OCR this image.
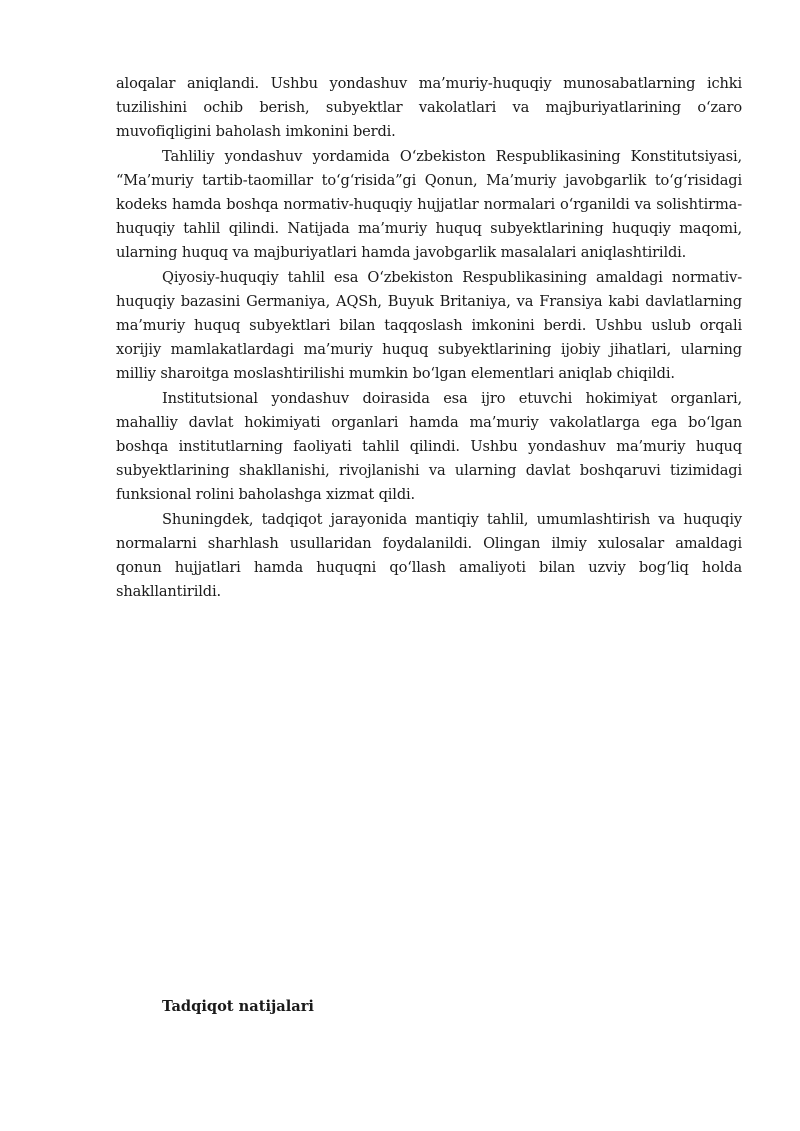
aloqalar aniqlandi. Ushbu yondashuv ma’muriy-huquqiy munosabatlarning ichki tuzilishini ochib berish, subyektlar vakolatlari va majburiyatlarining o‘zaro muvofiqligini baholash imkonini berdi.

Tahliliy yondashuv yordamida O‘zbekiston Respublikasining Konstitutsiyasi, “Ma’muriy tartib-taomillar to‘g‘risida”gi Qonun, Ma’muriy javobgarlik to‘g‘risidagi kodeks hamda boshqa normativ-huquqiy hujjatlar normalari o‘rganildi va solishtirma-huquqiy tahlil qilindi. Natijada ma’muriy huquq subyektlarining huquqiy maqomi, ularning huquq va majburiyatlari hamda javobgarlik masalalari aniqlashtirildi.

Qiyosiy-huquqiy tahlil esa O‘zbekiston Respublikasining amaldagi normativ-huquqiy bazasini Germaniya, AQSh, Buyuk Britaniya, va Fransiya kabi davlatlarning ma’muriy huquq subyektlari bilan taqqoslash imkonini berdi. Ushbu uslub orqali xorijiy mamlakatlardagi ma’muriy huquq subyektlarining ijobiy jihatlari, ularning milliy sharoitga moslashtirilishi mumkin bo‘lgan elementlari aniqlab chiqildi.

Institutsional yondashuv doirasida esa ijro etuvchi hokimiyat organlari, mahalliy davlat hokimiyati organlari hamda ma’muriy vakolatlarga ega bo‘lgan boshqa institutlarning faoliyati tahlil qilindi. Ushbu yondashuv ma’muriy huquq subyektlarining shakllanishi, rivojlanishi va ularning davlat boshqaruvi tizimidagi funksional rolini baholashga xizmat qildi.

Shuningdek, tadqiqot jarayonida mantiqiy tahlil, umumlashtirish va huquqiy normalarni sharhlash usullaridan foydalanildi. Olingan ilmiy xulosalar amaldagi qonun hujjatlari hamda huquqni qo‘llash amaliyoti bilan uzviy bog‘liq holda shakllantirildi.

Tadqiqot natijalari
